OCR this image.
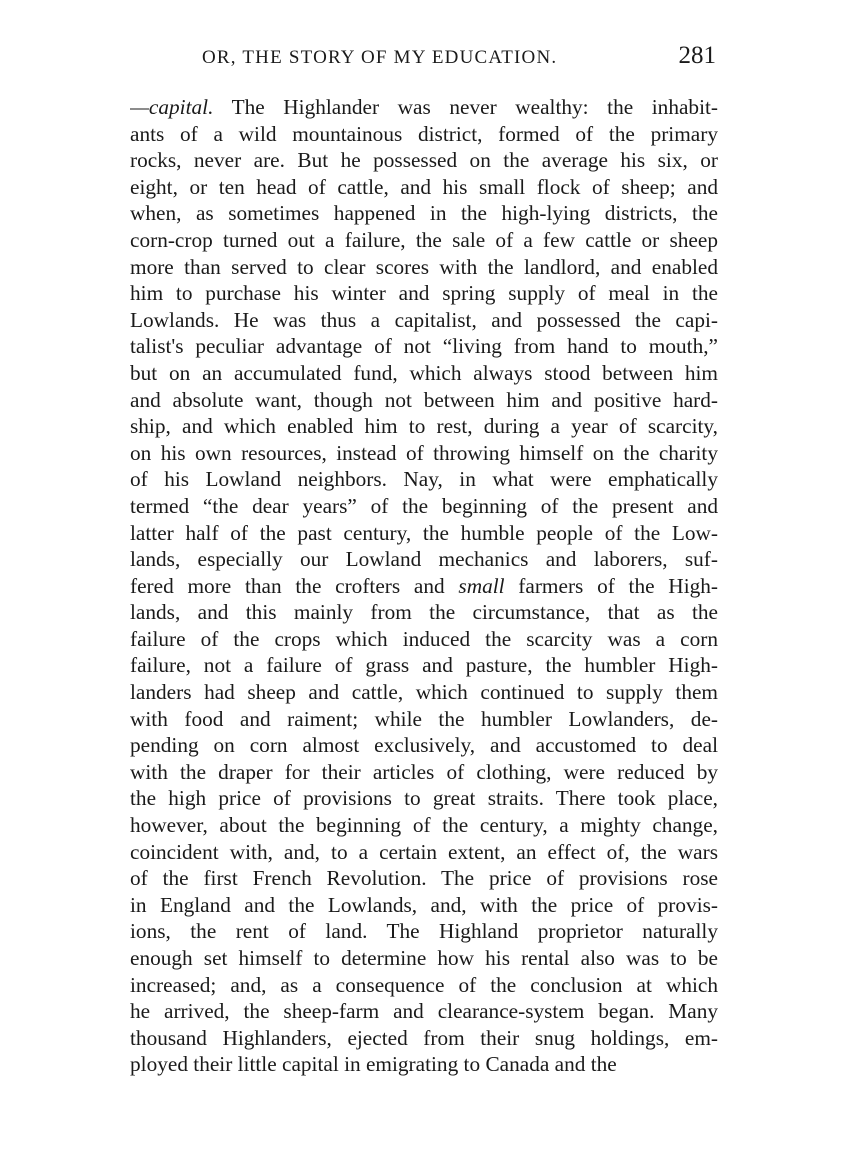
OR, THE STORY OF MY EDUCATION.	281
—capital. The Highlander was never wealthy: the inhabit-
ants of a wild mountainous district, formed of the primary
rocks, never are. But he possessed on the average his six, or
eight, or ten head of cattle, and his small flock of sheep; and
when, as sometimes happened in the high-lying districts, the
corn-crop turned out a failure, the sale of a few cattle or sheep
more than served to clear scores with the landlord, and enabled
him to purchase his winter and spring supply of meal in the
Lowlands. He was thus a capitalist, and possessed the capi-
talist's peculiar advantage of not “living from hand to mouth,”
but on an accumulated fund, which always stood between him
and absolute want, though not between him and positive hard-
ship, and which enabled him to rest, during a year of scarcity,
on his own resources, instead of throwing himself on the charity
of his Lowland neighbors. Nay, in what were emphatically
termed “the dear years” of the beginning of the present and
latter half of the past century, the humble people of the Low-
lands, especially our Lowland mechanics and laborers, suf-
fered more than the crofters and small farmers of the High-
lands, and this mainly from the circumstance, that as the
failure of the crops which induced the scarcity was a corn
failure, not a failure of grass and pasture, the humbler High-
landers had sheep and cattle, which continued to supply them
with food and raiment; while the humbler Lowlanders, de-
pending on corn almost exclusively, and accustomed to deal
with the draper for their articles of clothing, were reduced by
the high price of provisions to great straits. There took place,
however, about the beginning of the century, a mighty change,
coincident with, and, to a certain extent, an effect of, the wars
of the first French Revolution. The price of provisions rose
in England and the Lowlands, and, with the price of provis-
ions, the rent of land. The Highland proprietor naturally
enough set himself to determine how his rental also was to be
increased; and, as a consequence of the conclusion at which
he arrived, the sheep-farm and clearance-system began. Many
thousand Highlanders, ejected from their snug holdings, em-
ployed their little capital in emigrating to Canada and the
